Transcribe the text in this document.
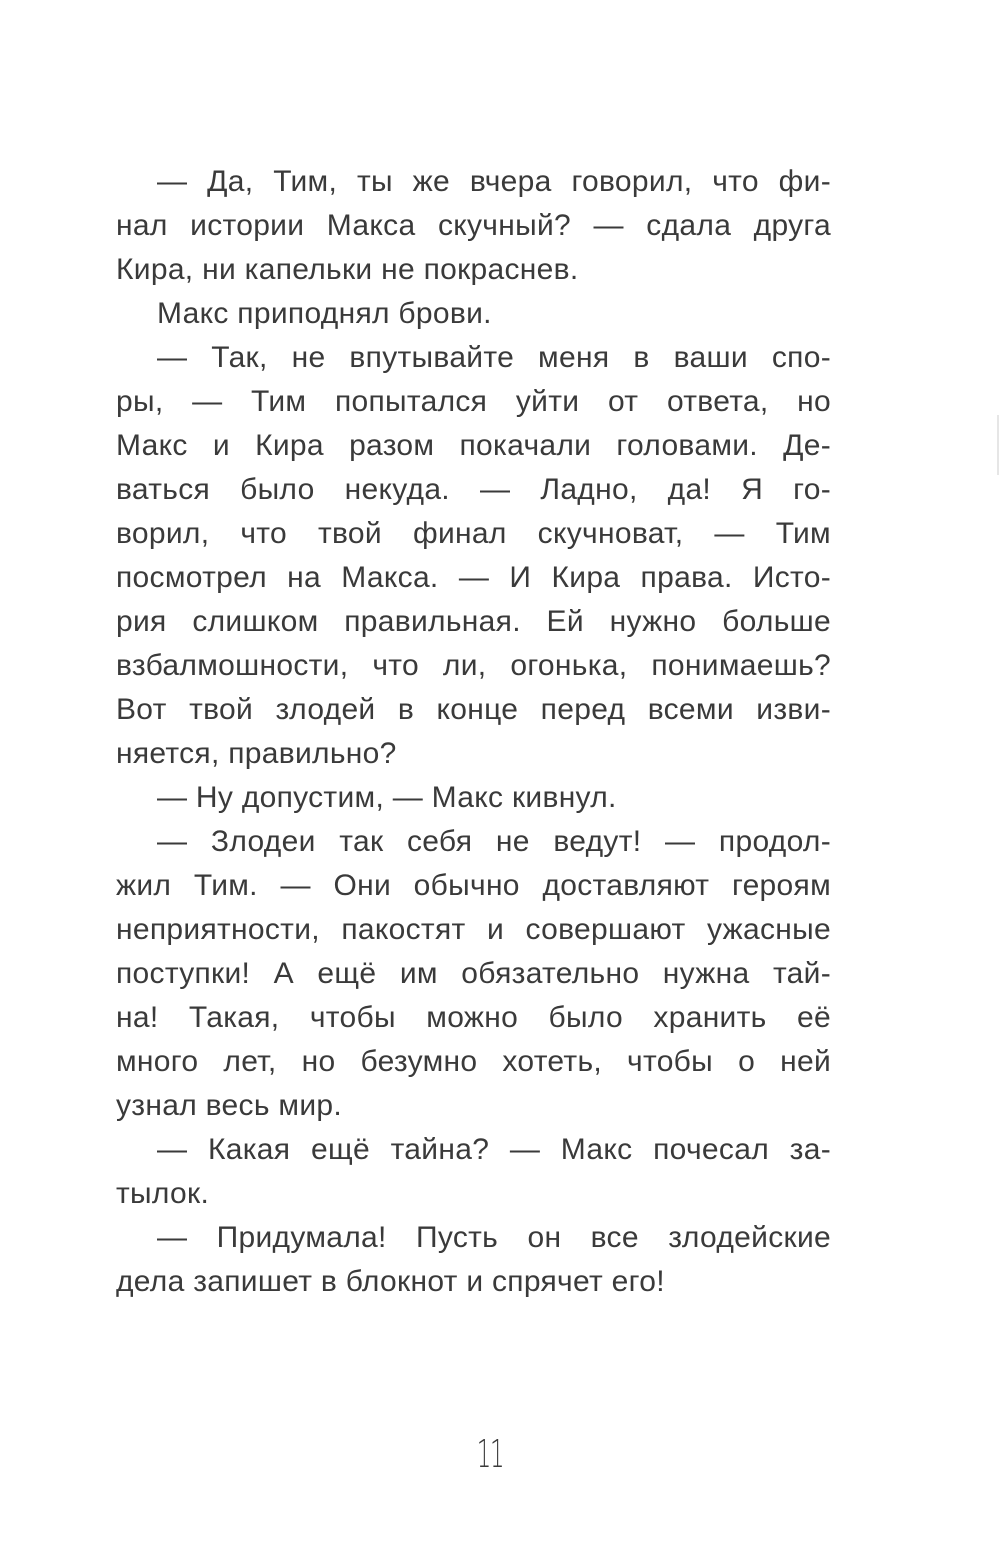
— Да, Тим, ты же вчера говорил, что фи-
нал истории Макса скучный? — сдала друга
Кира, ни капельки не покраснев.
Макс приподнял брови.
— Так, не впутывайте меня в ваши спо-
ры, — Тим попытался уйти от ответа, но
Макс и Кира разом покачали головами. Де-
ваться было некуда. — Ладно, да! Я го-
ворил, что твой финал скучноват, — Тим
посмотрел на Макса. — И Кира права. Исто-
рия слишком правильная. Ей нужно больше
взбалмошности, что ли, огонька, понимаешь?
Вот твой злодей в конце перед всеми изви-
няется, правильно?
— Ну допустим, — Макс кивнул.
— Злодеи так себя не ведут! — продол-
жил Тим. — Они обычно доставляют героям
неприятности, пакостят и совершают ужасные
поступки! А ещё им обязательно нужна тай-
на! Такая, чтобы можно было хранить её
много лет, но безумно хотеть, чтобы о ней
узнал весь мир.
— Какая ещё тайна? — Макс почесал за-
тылок.
— Придумала! Пусть он все злодейские
дела запишет в блокнот и спрячет его!
11
